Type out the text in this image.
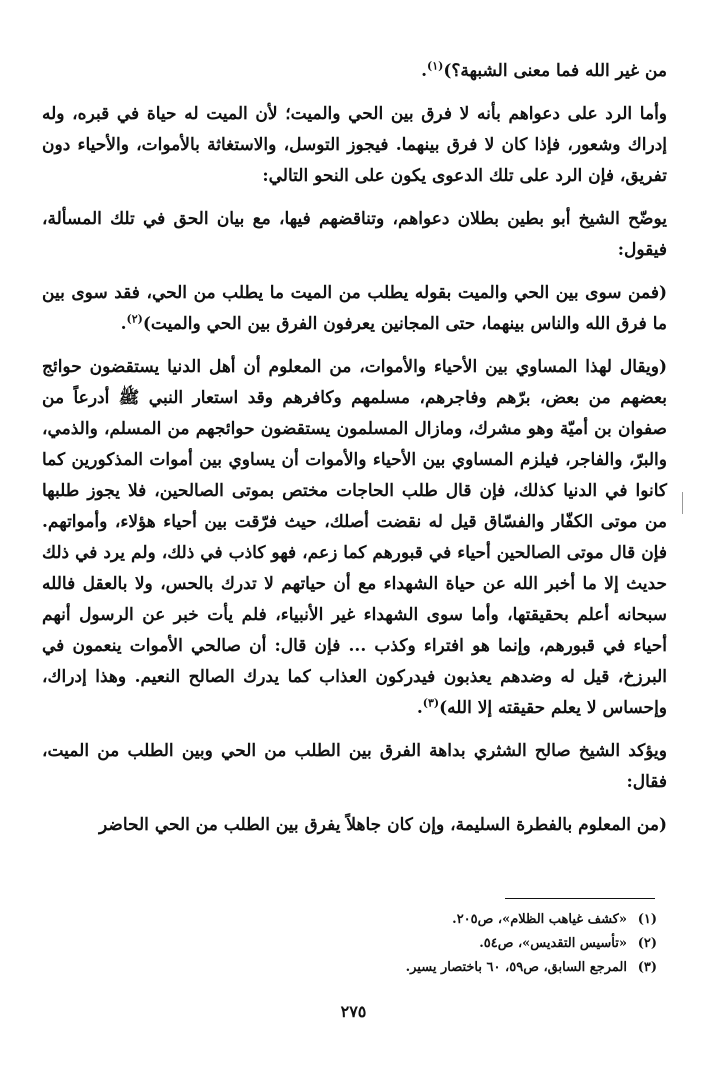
من غير الله فما معنى الشبهة؟)$^{(١)}$.

وأما الرد على دعواهم بأنه لا فرق بين الحي والميت؛ لأن الميت له حياة في قبره، وله إدراك وشعور، فإذا كان لا فرق بينهما. فيجوز التوسل، والاستغاثة بالأموات، والأحياء دون تفريق، فإن الرد على تلك الدعوى يكون على النحو التالي:

يوضّح الشيخ أبو بطين بطلان دعواهم، وتناقضهم فيها، مع بيان الحق في تلك المسألة، فيقول:

(فمن سوى بين الحي والميت بقوله يطلب من الميت ما يطلب من الحي، فقد سوى بين ما فرق الله والناس بينهما، حتى المجانين يعرفون الفرق بين الحي والميت)$^{(٢)}$.

(ويقال لهذا المساوي بين الأحياء والأموات، من المعلوم أن أهل الدنيا يستقضون حوائج بعضهم من بعض، برّهم وفاجرهم، مسلمهم وكافرهم وقد استعار النبي ﷺ أدرعاً من صفوان بن أميّة وهو مشرك، ومازال المسلمون يستقضون حوائجهم من المسلم، والذمي، والبرّ، والفاجر، فيلزم المساوي بين الأحياء والأموات أن يساوي بين أموات المذكورين كما كانوا في الدنيا كذلك، فإن قال طلب الحاجات مختص بموتى الصالحين، فلا يجوز طلبها من موتى الكفّار والفسّاق قيل له نقضت أصلك، حيث فرّقت بين أحياء هؤلاء، وأمواتهم. فإن قال موتى الصالحين أحياء في قبورهم كما زعم، فهو كاذب في ذلك، ولم يرد في ذلك حديث إلا ما أخبر الله عن حياة الشهداء مع أن حياتهم لا تدرك بالحس، ولا بالعقل فالله سبحانه أعلم بحقيقتها، وأما سوى الشهداء غير الأنبياء، فلم يأت خبر عن الرسول أنهم أحياء في قبورهم، وإنما هو افتراء وكذب ... فإن قال: أن صالحي الأموات ينعمون في البرزخ، قيل له وضدهم يعذبون فيدركون العذاب كما يدرك الصالح النعيم. وهذا إدراك، وإحساس لا يعلم حقيقته إلا الله)$^{(٣)}$.

ويؤكد الشيخ صالح الشثري بداهة الفرق بين الطلب من الحي وبين الطلب من الميت، فقال:

(من المعلوم بالفطرة السليمة، وإن كان جاهلاً يفرق بين الطلب من الحي الحاضر

(١)«كشف غياهب الظلام»، ص٢٠٥.
(٢)«تأسيس التقديس»، ص٥٤.
(٣)المرجع السابق، ص٥٩، ٦٠ باختصار يسير.
٢٧٥
